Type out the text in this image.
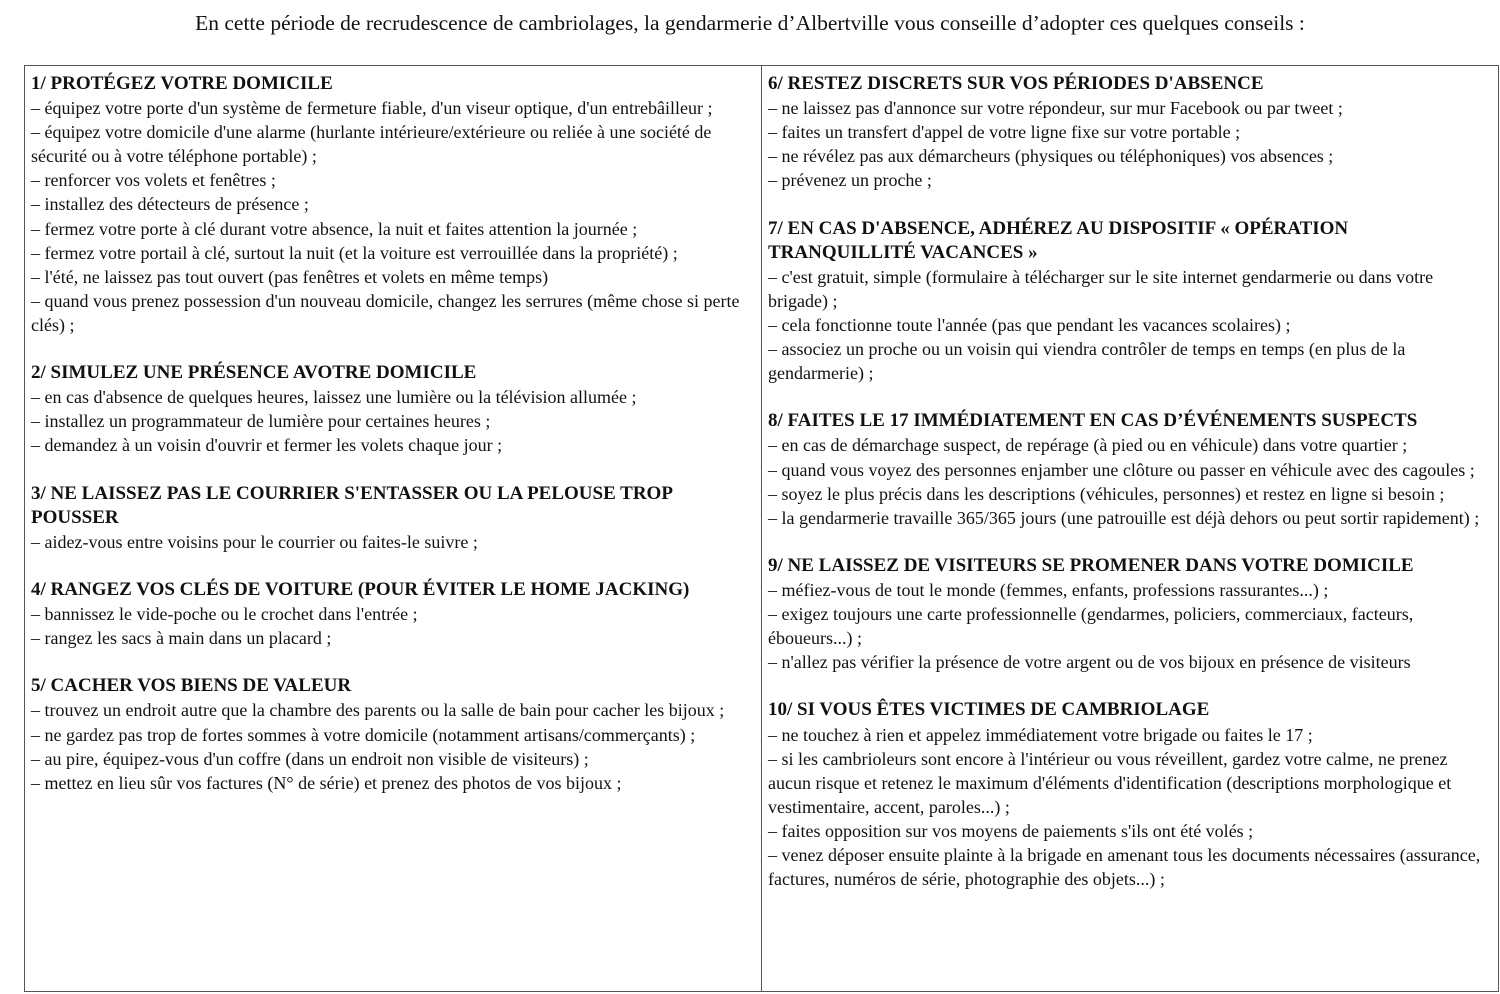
En cette période de recrudescence de cambriolages, la gendarmerie d’Albertville vous conseille d’adopter ces quelques conseils :
1/ PROTÉGEZ VOTRE DOMICILE
– équipez votre porte d'un système de fermeture fiable, d'un viseur optique, d'un entrebâilleur ;
– équipez votre domicile d'une alarme (hurlante intérieure/extérieure ou reliée à une société de sécurité ou à votre téléphone portable) ;
– renforcer vos volets et fenêtres ;
– installez des détecteurs de présence ;
– fermez votre porte à clé durant votre absence, la nuit et faites attention la journée ;
– fermez votre portail à clé, surtout la nuit (et la voiture est verrouillée dans la propriété) ;
– l'été, ne laissez pas tout ouvert (pas fenêtres et volets en même temps)
– quand vous prenez possession d'un nouveau domicile, changez les serrures (même chose si perte clés) ;
2/ SIMULEZ UNE PRÉSENCE AVOTRE DOMICILE
– en cas d'absence de quelques heures, laissez une lumière ou la télévision allumée ;
– installez un programmateur de lumière pour certaines heures ;
– demandez à un voisin d'ouvrir et fermer les volets chaque jour ;
3/ NE LAISSEZ PAS LE COURRIER S'ENTASSER OU LA PELOUSE TROP POUSSER
– aidez-vous entre voisins pour le courrier ou faites-le suivre ;
4/ RANGEZ VOS CLÉS DE VOITURE (POUR ÉVITER LE HOME JACKING)
– bannissez le vide-poche ou le crochet dans l'entrée ;
– rangez les sacs à main dans un placard ;
5/ CACHER VOS BIENS DE VALEUR
– trouvez un endroit autre que la chambre des parents ou la salle de bain pour cacher les bijoux ;
– ne gardez pas trop de fortes sommes à votre domicile (notamment artisans/commerçants) ;
– au pire, équipez-vous d'un coffre (dans un endroit non visible de visiteurs) ;
– mettez en lieu sûr vos factures (N° de série) et prenez des photos de vos bijoux ;
6/ RESTEZ DISCRETS SUR VOS PÉRIODES D'ABSENCE
– ne laissez pas d'annonce sur votre répondeur, sur mur Facebook ou par tweet ;
– faites un transfert d'appel de votre ligne fixe sur votre portable ;
– ne révélez pas aux démarcheurs (physiques ou téléphoniques) vos absences ;
– prévenez un proche ;
7/ EN CAS D'ABSENCE, ADHÉREZ AU DISPOSITIF « OPÉRATION TRANQUILLITÉ VACANCES »
– c'est gratuit, simple (formulaire à télécharger sur le site internet gendarmerie ou dans votre brigade) ;
– cela fonctionne toute l'année (pas que pendant les vacances scolaires) ;
– associez un proche ou un voisin qui viendra contrôler de temps en temps (en plus de la gendarmerie) ;
8/ FAITES LE 17 IMMÉDIATEMENT EN CAS D’ÉVÉNEMENTS SUSPECTS
– en cas de démarchage suspect, de repérage (à pied ou en véhicule) dans votre quartier ;
– quand vous voyez des personnes enjamber une clôture ou passer en véhicule avec des cagoules ;
– soyez le plus précis dans les descriptions (véhicules, personnes) et restez en ligne si besoin ;
– la gendarmerie travaille 365/365 jours (une patrouille est déjà dehors ou peut sortir rapidement) ;
9/ NE LAISSEZ DE VISITEURS SE PROMENER DANS VOTRE DOMICILE
– méfiez-vous de tout le monde (femmes, enfants, professions rassurantes...) ;
– exigez toujours une carte professionnelle (gendarmes, policiers, commerciaux, facteurs, éboueurs...) ;
– n'allez pas vérifier la présence de votre argent ou de vos bijoux en présence de visiteurs
10/ SI VOUS ÊTES VICTIMES DE CAMBRIOLAGE
– ne touchez à rien et appelez immédiatement votre brigade ou faites le 17 ;
– si les cambrioleurs sont encore à l'intérieur ou vous réveillent, gardez votre calme, ne prenez aucun risque et retenez le maximum d'éléments d'identification (descriptions morphologique et vestimentaire, accent, paroles...) ;
– faites opposition sur vos moyens de paiements s'ils ont été volés ;
– venez déposer ensuite plainte à la brigade en amenant tous les documents nécessaires (assurance, factures, numéros de série, photographie des objets...) ;
